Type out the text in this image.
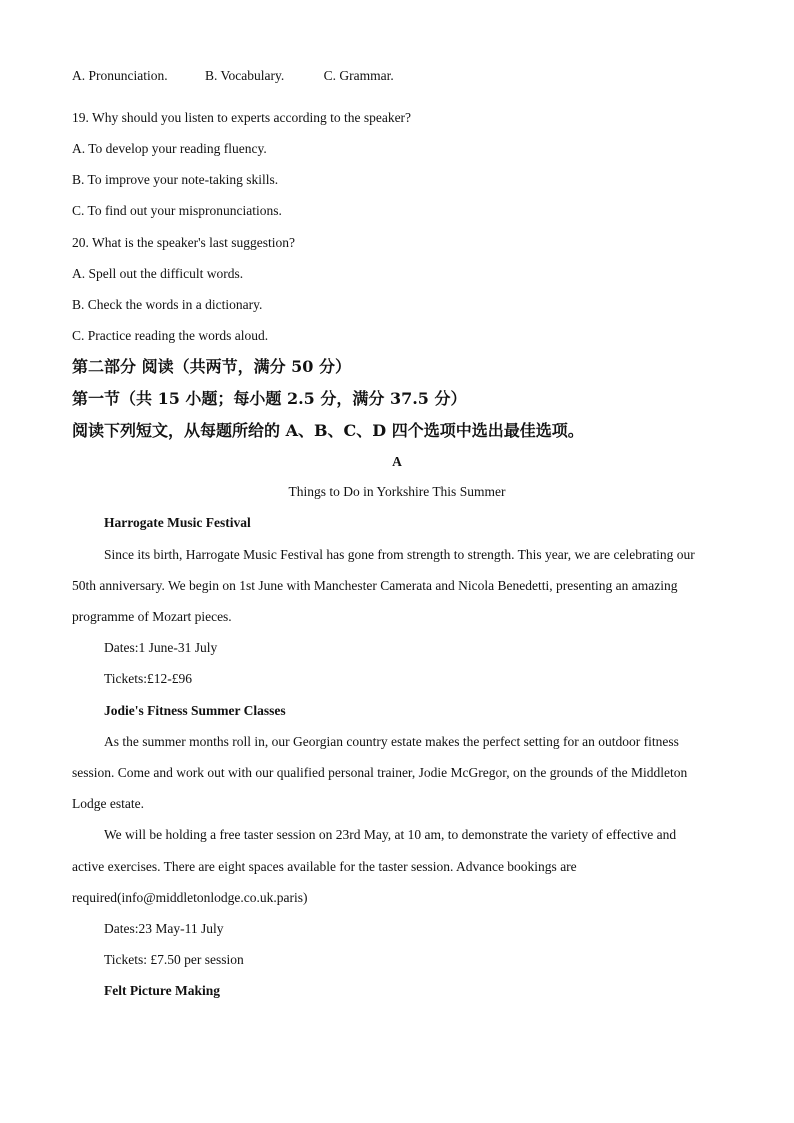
A. Pronunciation.	B. Vocabulary.	C. Grammar.
19. Why should you listen to experts according to the speaker?
A. To develop your reading fluency.
B. To improve your note-taking skills.
C. To find out your mispronunciations.
20. What is the speaker's last suggestion?
A. Spell out the difficult words.
B. Check the words in a dictionary.
C. Practice reading the words aloud.
第二部分 阅读（共两节，满分 50 分）
第一节（共 15 小题；每小题 2.5 分，满分 37.5 分）
阅读下列短文，从每题所给的 A、B、C、D 四个选项中选出最佳选项。
A
Things to Do in Yorkshire This Summer
Harrogate Music Festival
Since its birth, Harrogate Music Festival has gone from strength to strength. This year, we are celebrating our
50th anniversary. We begin on 1st June with Manchester Camerata and Nicola Benedetti, presenting an amazing
programme of Mozart pieces.
Dates:1 June-31 July
Tickets:£12-£96
Jodie's Fitness Summer Classes
As the summer months roll in, our Georgian country estate makes the perfect setting for an outdoor fitness
session. Come and work out with our qualified personal trainer, Jodie McGregor, on the grounds of the Middleton
Lodge estate.
We will be holding a free taster session on 23rd May, at 10 am, to demonstrate the variety of effective and
active exercises. There are eight spaces available for the taster session. Advance bookings are
required(info@middletonlodge.co.uk.paris)
Dates:23 May-11 July
Tickets: £7.50 per session
Felt Picture Making
